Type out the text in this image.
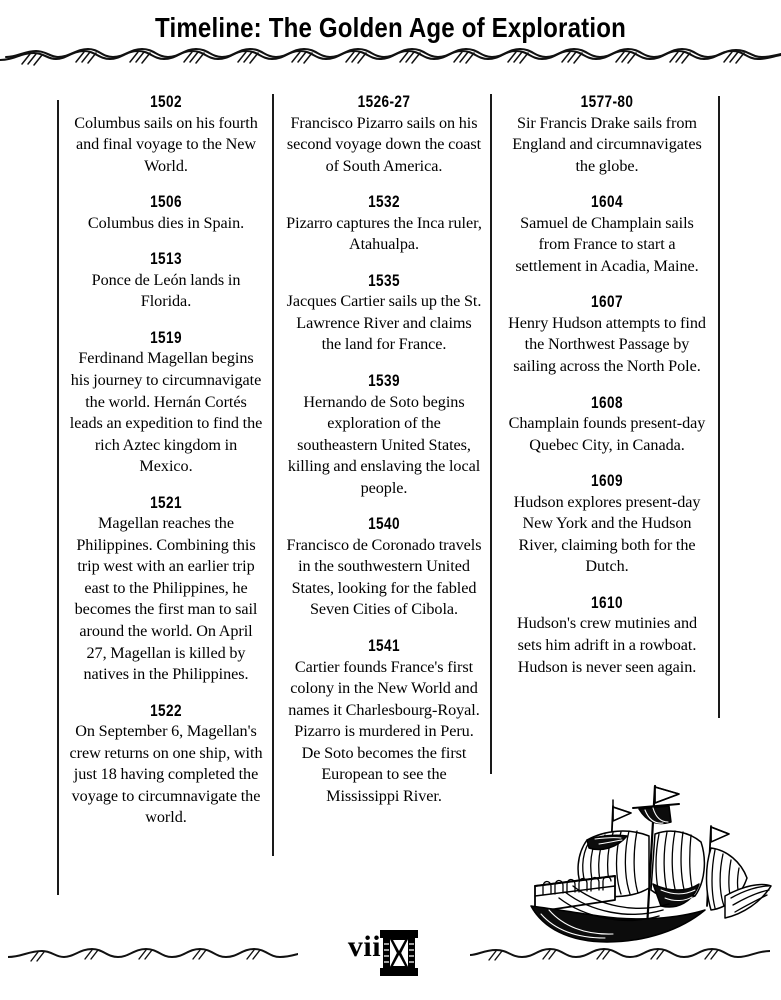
Timeline: The Golden Age of Exploration
1502
Columbus sails on his fourth and final voyage to the New World.
1506
Columbus dies in Spain.
1513
Ponce de León lands in Florida.
1519
Ferdinand Magellan begins his journey to circumnavigate the world. Hernán Cortés leads an expedition to find the rich Aztec kingdom in Mexico.
1521
Magellan reaches the Philippines. Combining this trip west with an earlier trip east to the Philippines, he becomes the first man to sail around the world. On April 27, Magellan is killed by natives in the Philippines.
1522
On September 6, Magellan's crew returns on one ship, with just 18 having completed the voyage to circumnavigate the world.
1526-27
Francisco Pizarro sails on his second voyage down the coast of South America.
1532
Pizarro captures the Inca ruler, Atahualpa.
1535
Jacques Cartier sails up the St. Lawrence River and claims the land for France.
1539
Hernando de Soto begins exploration of the southeastern United States, killing and enslaving the local people.
1540
Francisco de Coronado travels in the southwestern United States, looking for the fabled Seven Cities of Cibola.
1541
Cartier founds France's first colony in the New World and names it Charlesbourg-Royal. Pizarro is murdered in Peru. De Soto becomes the first European to see the Mississippi River.
1577-80
Sir Francis Drake sails from England and circumnavigates the globe.
1604
Samuel de Champlain sails from France to start a settlement in Acadia, Maine.
1607
Henry Hudson attempts to find the Northwest Passage by sailing across the North Pole.
1608
Champlain founds present-day Quebec City, in Canada.
1609
Hudson explores present-day New York and the Hudson River, claiming both for the Dutch.
1610
Hudson's crew mutinies and sets him adrift in a rowboat. Hudson is never seen again.
vii
